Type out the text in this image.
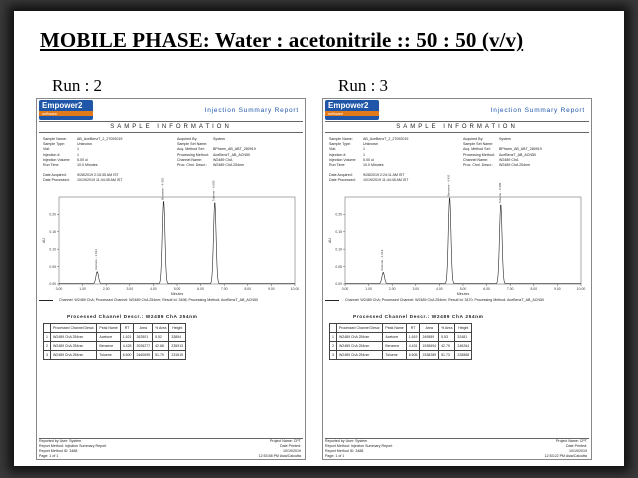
MOBILE PHASE: Water : acetonitrile :: 50 : 50 (v/v)
Run : 2	Run : 3
Empower2
software	Injection Summary Report
SAMPLE INFORMATION
Sample Name:	AB_AceBenzT_2_27092019
Sample Type:	Unknown
Vial:	1
Injection #:	1
Injection Volume: 5.00 ul
Run Time:	10.0 Minutes
Date Acquired:	9/28/2019 2:15:35 AM IST
Date Processed: 10/19/2019 11:44:45 AM IST
Acquired By:	System
Sample Set Name:
Acq. Method Set: BPharm_AB_ABT_280919
Processing Method: AceBenzT_AB_ACN50
Channel Name:	W2489 ChA
Proc. Chnl. Descr.: W2489 ChA 254nm
0.20
0.15
0.10
0.05
0.00
0.00	1.00	2.00	3.00	4.00	5.00	6.00	7.00	8.00	9.00	10.00
Minutes
AU
Acetone - 1.621
Benzene - 4.425	Toluene - 6.600
Channel: W2489 ChA; Processed Channel: W2489 ChA 254nm; Result Id: 3498; Processing Method: AceBenzT_AB_ACN50
Processed Channel Descr.: W2489 ChA 254nm
	Processed Channel Descr.	Peak Name	RT	Area	% Area	Height
1	W2489 ChA 254nm	Acetone	1.621	262501	5.52	33854
2	W2489 ChA 254nm	Benzene	4.425	2026277	42.68	235913
3	W2489 ChA 254nm	Toluene	6.600	2460695	51.79	231615
Reported by User: System	Project Name: CPT
Report Method: Injection Summary Report	Date Printed:
Report Method ID: 3488	10/19/2019
Page: 1 of 1	12:53:58 PM Asia/Calcutta
Empower2
software	Injection Summary Report
SAMPLE INFORMATION
Sample Name:	AB_AceBenzT_2_27092019
Sample Type:	Unknown
Vial:	1
Injection #:	1
Injection Volume: 5.00 ul
Run Time:	10.0 Minutes
Date Acquired:	9/28/2019 2:24:11 AM IST
Date Processed: 10/19/2019 11:44:45 AM IST
Acquired By:	System
Sample Set Name:
Acq. Method Set: BPharm_AB_ABT_280919
Processing Method: AceBenzT_AB_ACN50
Channel Name:	W2489 ChA
Proc. Chnl. Descr.: W2489 ChA 254nm
0.20
0.15
0.10
0.05
0.00
0.00	1.00	2.00	3.00	4.00	5.00	6.00	7.00	8.00	9.00	10.00
Minutes
AU
Acetone - 1.619
Benzene - 4.431	Toluene - 6.605
Channel: W2489 ChA; Processed Channel: W2489 ChA 254nm; Result Id: 3470; Processing Method: AceBenzT_AB_ACN50
Processed Channel Descr.: W2489 ChA 254nm
	Processed Channel Descr.	Peak Name	RT	Area	% Area	Height
1	W2489 ChA 254nm	Acetone	1.619	249589	5.53	32481
2	W2489 ChA 254nm	Benzene	4.431	1935694	42.79	246264
3	W2489 ChA 254nm	Toluene	6.605	2338289	51.73	226868
Reported by User: System	Project Name: CPT
Report Method: Injection Summary Report	Date Printed:
Report Method ID: 3488	10/19/2019
Page: 1 of 1	12:53:22 PM Asia/Calcutta
